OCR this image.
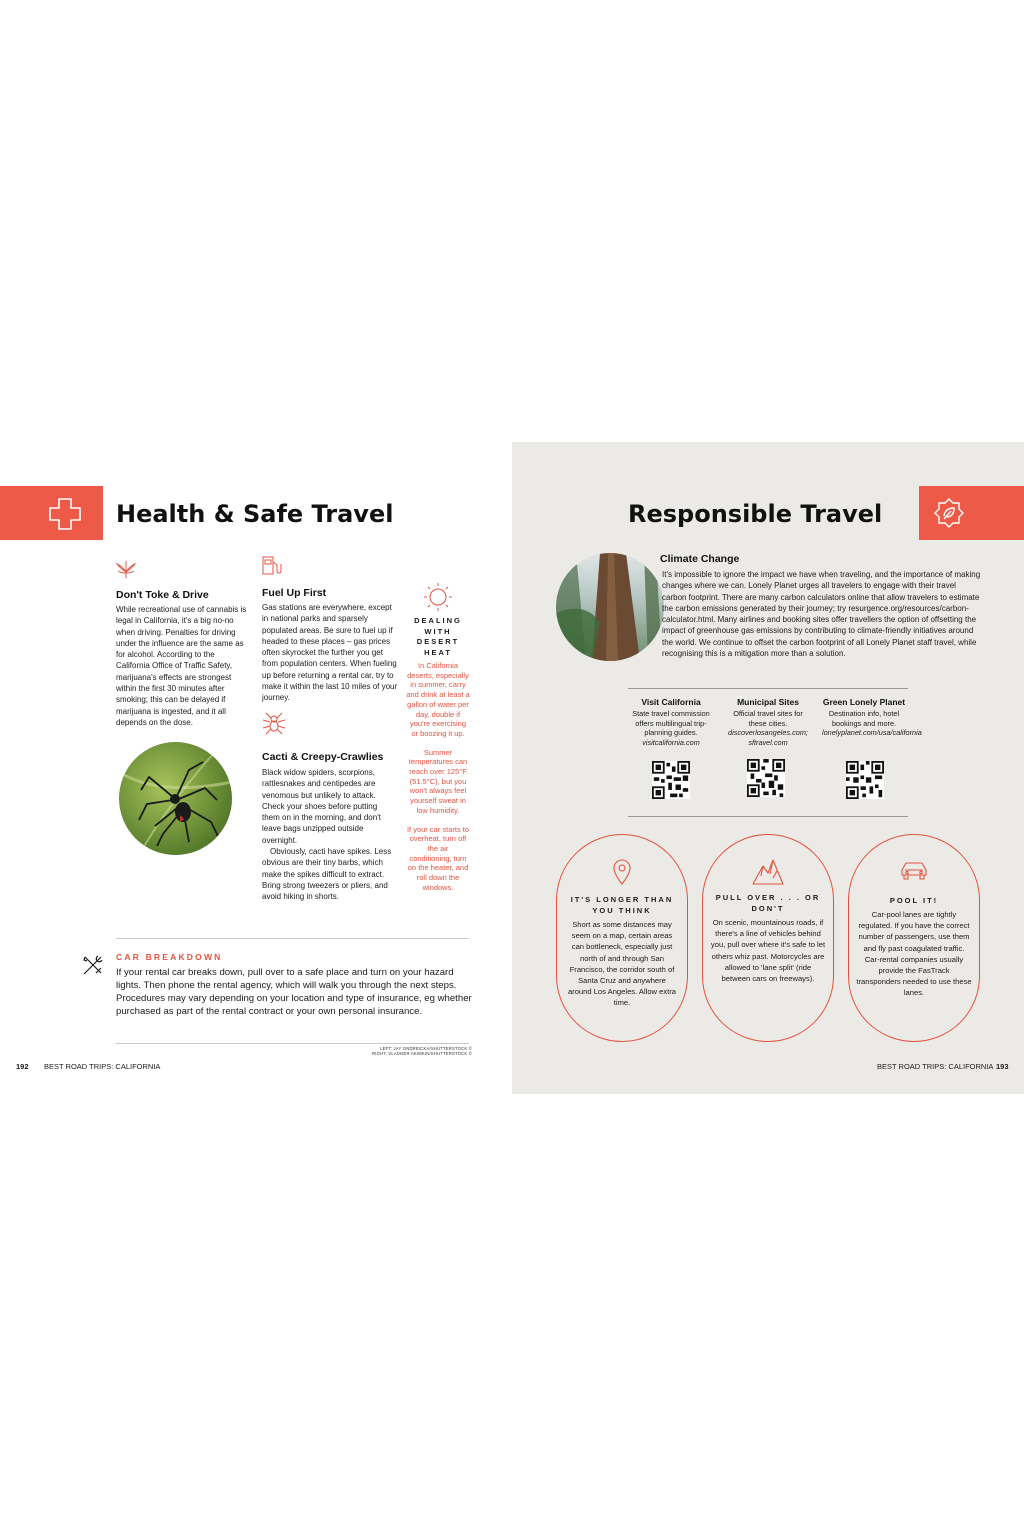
Health & Safe Travel
Don't Toke & Drive
While recreational use of cannabis is legal in California, it's a big no-no when driving. Penalties for driving under the influence are the same as for alcohol. According to the California Office of Traffic Safety, marijuana's effects are strongest within the first 30 minutes after smoking; this can be delayed if marijuana is ingested, and it all depends on the dose.
Fuel Up First
Gas stations are everywhere, except in national parks and sparsely populated areas. Be sure to fuel up if headed to these places – gas prices often skyrocket the further you get from population centers. When fueling up before returning a rental car, try to make it within the last 10 miles of your journey.
Cacti & Creepy-Crawlies

Black widow spiders, scorpions, rattlesnakes and centipedes are venomous but unlikely to attack. Check your shoes before putting them on in the morning, and don't leave bags unzipped outside overnight.

Obviously, cacti have spikes. Less obvious are their tiny barbs, which make the spikes difficult to extract. Bring strong tweezers or pliers, and avoid hiking in shorts.

DEALING
WITH
DESERT
HEAT

In California deserts, especially in summer, carry and drink at least a gallon of water per day, double if you're exercising or boozing it up.

Summer temperatures can reach over 125°F (51.5°C), but you won't always feel yourself sweat in low humidity.

If your car starts to overheat, turn off the air conditioning, turn on the heater, and roll down the windows.

CAR BREAKDOWN
If your rental car breaks down, pull over to a safe place and turn on your hazard lights. Then phone the rental agency, which will walk you through the next steps. Procedures may vary depending on your location and type of insurance, eg whether purchased as part of the rental contract or your own personal insurance.
LEFT: JAY ONDREICKA/SHUTTERSTOCK ©
RIGHT: VLADIMIR AKIMKIN/SHUTTERSTOCK ©
192 BEST ROAD TRIPS: CALIFORNIA
Responsible Travel
Climate Change
It's impossible to ignore the impact we have when traveling, and the importance of making changes where we can. Lonely Planet urges all travelers to engage with their travel carbon footprint. There are many carbon calculators online that allow travelers to estimate the carbon emissions generated by their journey; try resurgence.org/resources/carbon-calculator.html. Many airlines and booking sites offer travellers the option of offsetting the impact of greenhouse gas emissions by contributing to climate-friendly initiatives around the world. We continue to offset the carbon footprint of all Lonely Planet staff travel, while recognising this is a mitigation more than a solution.
Visit California
State travel commission offers multilingual trip-planning guides.
visitcalifornia.com
Municipal Sites
Official travel sites for these cities.
discoverlosangeles.com; sftravel.com
Green Lonely Planet
Destination info, hotel bookings and more.
lonelyplanet.com/usa/california
IT'S LONGER THAN YOU THINK
Short as some distances may seem on a map, certain areas can bottleneck, especially just north of and through San Francisco, the corridor south of Santa Cruz and anywhere around Los Angeles. Allow extra time.
PULL OVER . . . OR DON'T
On scenic, mountainous roads, if there's a line of vehicles behind you, pull over where it's safe to let others whiz past. Motorcycles are allowed to 'lane split' (ride between cars on freeways).
POOL IT!
Car-pool lanes are tightly regulated. If you have the correct number of passengers, use them and fly past coagulated traffic. Car-rental companies usually provide the FasTrack transponders needed to use these lanes.
BEST ROAD TRIPS: CALIFORNIA 193
